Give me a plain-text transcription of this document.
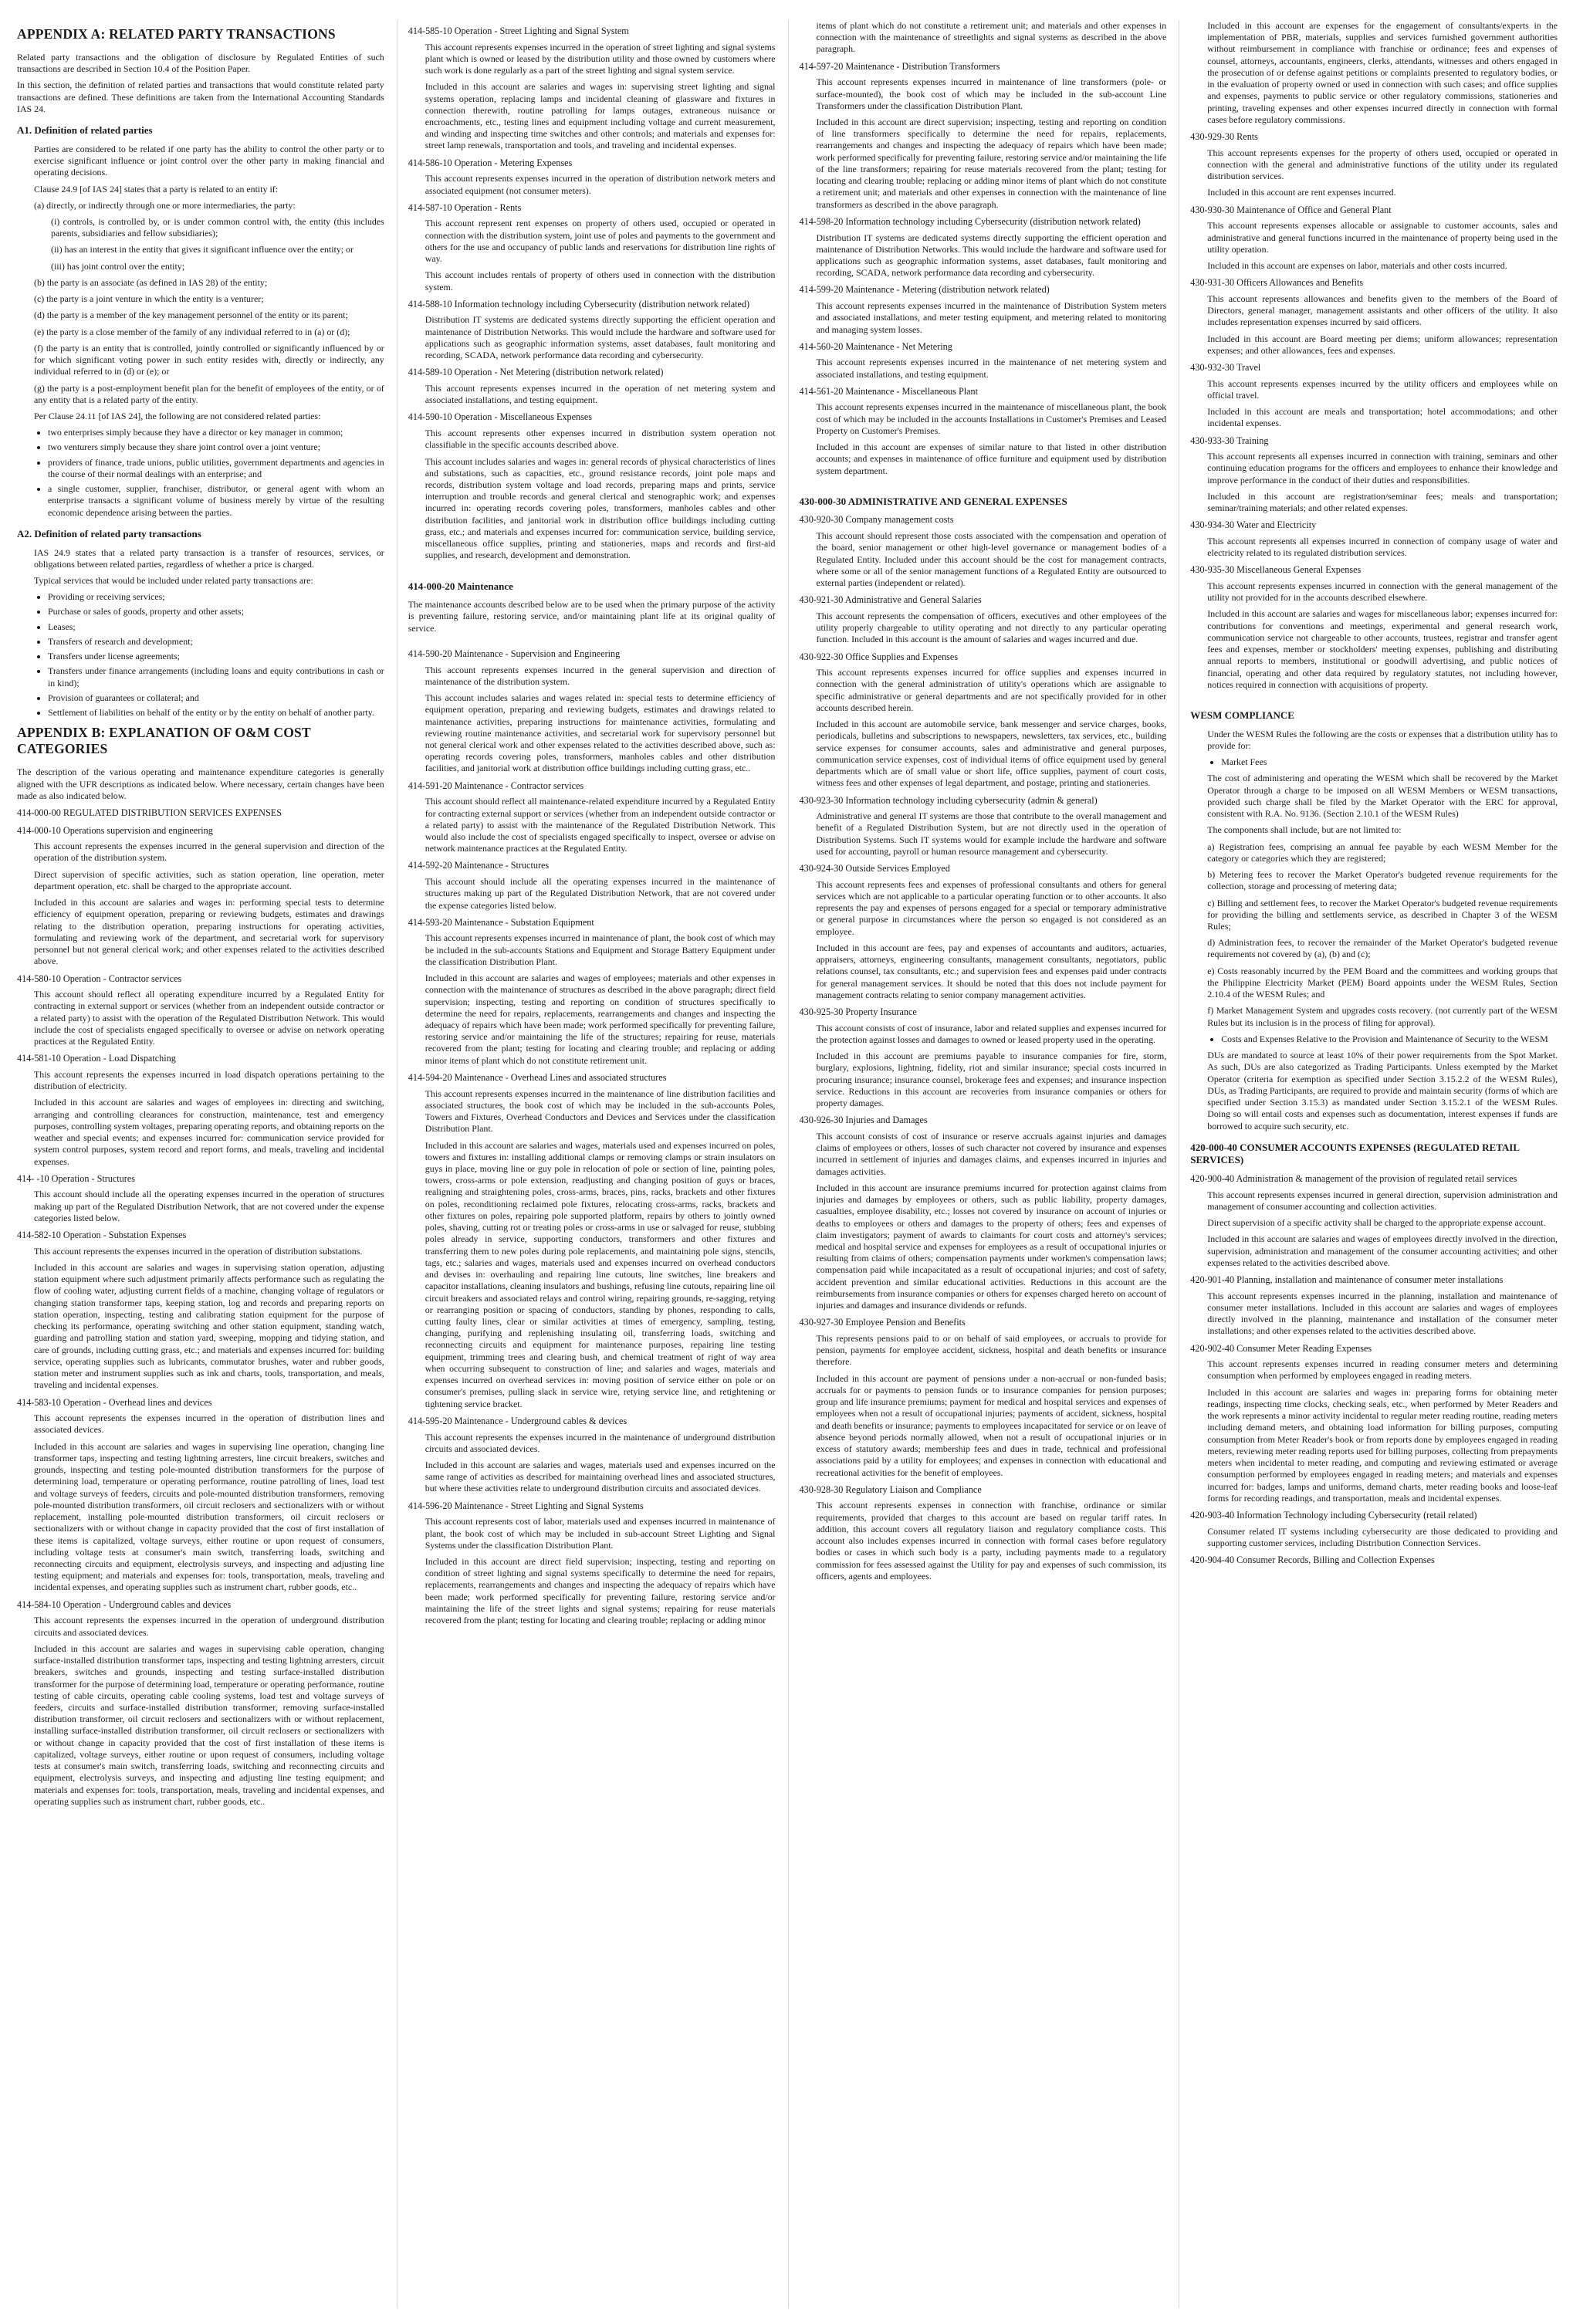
APPENDIX A: RELATED PARTY TRANSACTIONS

Related party transactions and the obligation of disclosure by Regulated Entities of such transactions are described in Section 10.4 of the Position Paper.

In this section, the definition of related parties and transactions that would constitute related party transactions are defined. These definitions are taken from the International Accounting Standards IAS 24.

A1. Definition of related parties

Parties are considered to be related if one party has the ability to control the other party or to exercise significant influence or joint control over the other party in making financial and operating decisions.

Clause 24.9 [of IAS 24] states that a party is related to an entity if:

(a) directly, or indirectly through one or more intermediaries, the party:

(i) controls, is controlled by, or is under common control with, the entity (this includes parents, subsidiaries and fellow subsidiaries);

(ii) has an interest in the entity that gives it significant influence over the entity; or

(iii) has joint control over the entity;

(b) the party is an associate (as defined in IAS 28) of the entity;

(c) the party is a joint venture in which the entity is a venturer;

(d) the party is a member of the key management personnel of the entity or its parent;

(e) the party is a close member of the family of any individual referred to in (a) or (d);

(f) the party is an entity that is controlled, jointly controlled or significantly influenced by or for which significant voting power in such entity resides with, directly or indirectly, any individual referred to in (d) or (e); or

(g) the party is a post-employment benefit plan for the benefit of employees of the entity, or of any entity that is a related party of the entity.

Per Clause 24.11 [of IAS 24], the following are not considered related parties:

• two enterprises simply because they have a director or key manager in common;
• two venturers simply because they share joint control over a joint venture;
• providers of finance, trade unions, public utilities, government departments and agencies in the course of their normal dealings with an enterprise; and
• a single customer, supplier, franchiser, distributor, or general agent with whom an enterprise transacts a significant volume of business merely by virtue of the resulting economic dependence arising between the parties.
A2. Definition of related party transactions

IAS 24.9 states that a related party transaction is a transfer of resources, services, or obligations between related parties, regardless of whether a price is charged.

Typical services that would be included under related party transactions are:

• Providing or receiving services;
• Purchase or sales of goods, property and other assets;
• Leases;
• Transfers of research and development;
• Transfers under license agreements;
• Transfers under finance arrangements (including loans and equity contributions in cash or in kind);
• Provision of guarantees or collateral; and
• Settlement of liabilities on behalf of the entity or by the entity on behalf of another party.
APPENDIX B: EXPLANATION OF O&M COST CATEGORIES

The description of the various operating and maintenance expenditure categories is generally aligned with the UFR descriptions as indicated below. Where necessary, certain changes have been made as also indicated below.

414-000-00 REGULATED DISTRIBUTION SERVICES EXPENSES
414-000-10 Operations supervision and engineering

This account represents the expenses incurred in the general supervision and direction of the operation of the distribution system.

Direct supervision of specific activities, such as station operation, line operation, meter department operation, etc. shall be charged to the appropriate account.

Included in this account are salaries and wages in: performing special tests to determine efficiency of equipment operation, preparing or reviewing budgets, estimates and drawings relating to the distribution operation, preparing instructions for operating activities, formulating and reviewing work of the department, and secretarial work for supervisory personnel but not general clerical work; and other expenses related to the activities described above.

414-580-10 Operation - Contractor services

This account should reflect all operating expenditure incurred by a Regulated Entity for contracting in external support or services (whether from an independent outside contractor or a related party) to assist with the operation of the Regulated Distribution Network. This would include the cost of specialists engaged specifically to oversee or advise on network operating practices at the Regulated Entity.

414-581-10 Operation - Load Dispatching

This account represents the expenses incurred in load dispatch operations pertaining to the distribution of electricity.

Included in this account are salaries and wages of employees in: directing and switching, arranging and controlling clearances for construction, maintenance, test and emergency purposes, controlling system voltages, preparing operating reports, and obtaining reports on the weather and special events; and expenses incurred for: communication service provided for system control purposes, system record and report forms, and meals, traveling and incidental expenses.

414- -10 Operation - Structures

This account should include all the operating expenses incurred in the operation of structures making up part of the Regulated Distribution Network, that are not covered under the expense categories listed below.

414-582-10 Operation - Substation Expenses

This account represents the expenses incurred in the operation of distribution substations.

Included in this account are salaries and wages in supervising station operation, adjusting station equipment where such adjustment primarily affects performance such as regulating the flow of cooling water, adjusting current fields of a machine, changing voltage of regulators or changing station transformer taps, keeping station, log and records and preparing reports on station operation, inspecting, testing and calibrating station equipment for the purpose of checking its performance, operating switching and other station equipment, standing watch, guarding and patrolling station and station yard, sweeping, mopping and tidying station, and care of grounds, including cutting grass, etc.; and materials and expenses incurred for: building service, operating supplies such as lubricants, commutator brushes, water and rubber goods, station meter and instrument supplies such as ink and charts, tools, transportation, and meals, traveling and incidental expenses.

414-583-10 Operation - Overhead lines and devices

This account represents the expenses incurred in the operation of distribution lines and associated devices.

Included in this account are salaries and wages in supervising line operation, changing line transformer taps, inspecting and testing lightning arresters, line circuit breakers, switches and grounds, inspecting and testing pole-mounted distribution transformers for the purpose of determining load, temperature or operating performance, routine patrolling of lines, load test and voltage surveys of feeders, circuits and pole-mounted distribution transformers, removing pole-mounted distribution transformers, oil circuit reclosers and sectionalizers with or without replacement, installing pole-mounted distribution transformers, oil circuit reclosers or sectionalizers with or without change in capacity provided that the cost of first installation of these items is capitalized, voltage surveys, either routine or upon request of consumers, including voltage tests at consumer's main switch, transferring loads, switching and reconnecting circuits and equipment, electrolysis surveys, and inspecting and adjusting line testing equipment; and materials and expenses for: tools, transportation, meals, traveling and incidental expenses, and operating supplies such as instrument chart, rubber goods, etc..

414-584-10 Operation - Underground cables and devices

This account represents the expenses incurred in the operation of underground distribution circuits and associated devices.

Included in this account are salaries and wages in supervising cable operation, changing surface-installed distribution transformer taps, inspecting and testing lightning arresters, circuit breakers, switches and grounds, inspecting and testing surface-installed distribution transformer for the purpose of determining load, temperature or operating performance, routine testing of cable circuits, operating cable cooling systems, load test and voltage surveys of feeders, circuits and surface-installed distribution transformer, removing surface-installed distribution transformer, oil circuit reclosers and sectionalizers with or without replacement, installing surface-installed distribution transformer, oil circuit reclosers or sectionalizers with or without change in capacity provided that the cost of first installation of these items is capitalized, voltage surveys, either routine or upon request of consumers, including voltage tests at consumer's main switch, transferring loads, switching and reconnecting circuits and equipment, electrolysis surveys, and inspecting and adjusting line testing equipment; and materials and expenses for: tools, transportation, meals, traveling and incidental expenses, and operating supplies such as instrument chart, rubber goods, etc..

414-585-10 Operation - Street Lighting and Signal System

This account represents expenses incurred in the operation of street lighting and signal systems plant which is owned or leased by the distribution utility and those owned by customers where such work is done regularly as a part of the street lighting and signal system service.

Included in this account are salaries and wages in: supervising street lighting and signal systems operation, replacing lamps and incidental cleaning of glassware and fixtures in connection therewith, routine patrolling for lamps outages, extraneous nuisance or encroachments, etc., testing lines and equipment including voltage and current measurement, and winding and inspecting time switches and other controls; and materials and expenses for: street lamp renewals, transportation and tools, and traveling and incidental expenses.

414-586-10 Operation - Metering Expenses

This account represents expenses incurred in the operation of distribution network meters and associated equipment (not consumer meters).

414-587-10 Operation - Rents

This account represent rent expenses on property of others used, occupied or operated in connection with the distribution system, joint use of poles and payments to the government and others for the use and occupancy of public lands and reservations for distribution line rights of way.

This account includes rentals of property of others used in connection with the distribution system.

414-588-10 Information technology including Cybersecurity (distribution network related)

Distribution IT systems are dedicated systems directly supporting the efficient operation and maintenance of Distribution Networks. This would include the hardware and software used for applications such as geographic information systems, asset databases, fault monitoring and recording, SCADA, network performance data recording and cybersecurity.

414-589-10 Operation - Net Metering (distribution network related)

This account represents expenses incurred in the operation of net metering system and associated installations, and testing equipment.

414-590-10 Operation - Miscellaneous Expenses

This account represents other expenses incurred in distribution system operation not classifiable in the specific accounts described above.

This account includes salaries and wages in: general records of physical characteristics of lines and substations, such as capacities, etc., ground resistance records, joint pole maps and records, distribution system voltage and load records, preparing maps and prints, service interruption and trouble records and general clerical and stenographic work; and expenses incurred in: operating records covering poles, transformers, manholes cables and other distribution facilities, and janitorial work in distribution office buildings including cutting grass, etc.; and materials and expenses incurred for: communication service, building service, miscellaneous office supplies, printing and stationeries, maps and records and first-aid supplies, and research, development and demonstration.

414-000-20 Maintenance

The maintenance accounts described below are to be used when the primary purpose of the activity is preventing failure, restoring service, and/or maintaining plant life at its original quality of service.

414-590-20 Maintenance - Supervision and Engineering

This account represents expenses incurred in the general supervision and direction of maintenance of the distribution system.

This account includes salaries and wages related in: special tests to determine efficiency of equipment operation, preparing and reviewing budgets, estimates and drawings related to maintenance activities, preparing instructions for maintenance activities, formulating and reviewing routine maintenance activities, and secretarial work for supervisory personnel but not general clerical work and other expenses related to the activities described above, such as: operating records covering poles, transformers, manholes cables and other distribution facilities, and janitorial work at distribution office buildings including cutting grass, etc..

414-591-20 Maintenance - Contractor services

This account should reflect all maintenance-related expenditure incurred by a Regulated Entity for contracting external support or services (whether from an independent outside contractor or a related party) to assist with the maintenance of the Regulated Distribution Network. This would also include the cost of specialists engaged specifically to inspect, oversee or advise on network maintenance practices at the Regulated Entity.

414-592-20 Maintenance - Structures

This account should include all the operating expenses incurred in the maintenance of structures making up part of the Regulated Distribution Network, that are not covered under the expense categories listed below.

414-593-20 Maintenance - Substation Equipment

This account represents expenses incurred in maintenance of plant, the book cost of which may be included in the sub-accounts Stations and Equipment and Storage Battery Equipment under the classification Distribution Plant.

Included in this account are salaries and wages of employees; materials and other expenses in connection with the maintenance of structures as described in the above paragraph; direct field supervision; inspecting, testing and reporting on condition of structures specifically to determine the need for repairs, replacements, rearrangements and changes and inspecting the adequacy of repairs which have been made; work performed specifically for preventing failure, restoring service and/or maintaining the life of the structures; repairing for reuse, materials recovered from the plant; testing for locating and clearing trouble; and replacing or adding minor items of plant which do not constitute retirement unit.

414-594-20 Maintenance - Overhead Lines and associated structures

This account represents expenses incurred in the maintenance of line distribution facilities and associated structures, the book cost of which may be included in the sub-accounts Poles, Towers and Fixtures, Overhead Conductors and Devices and Services under the classification Distribution Plant.

Included in this account are salaries and wages, materials used and expenses incurred on poles, towers and fixtures in: installing additional clamps or removing clamps or strain insulators on guys in place, moving line or guy pole in relocation of pole or section of line, painting poles, towers, cross-arms or pole extension, readjusting and changing position of guys or braces, realigning and straightening poles, cross-arms, braces, pins, racks, brackets and other fixtures on poles, reconditioning reclaimed pole fixtures, relocating cross-arms, racks, brackets and other fixtures on poles, repairing pole supported platform, repairs by others to jointly owned poles, shaving, cutting rot or treating poles or cross-arms in use or salvaged for reuse, stubbing poles already in service, supporting conductors, transformers and other fixtures and transferring them to new poles during pole replacements, and maintaining pole signs, stencils, tags, etc.; salaries and wages, materials used and expenses incurred on overhead conductors and devises in: overhauling and repairing line cutouts, line switches, line breakers and capacitor installations, cleaning insulators and bushings, refusing line cutouts, repairing line oil circuit breakers and associated relays and control wiring, repairing grounds, re-sagging, retying or rearranging position or spacing of conductors, standing by phones, responding to calls, cutting faulty lines, clear or similar activities at times of emergency, sampling, testing, changing, purifying and replenishing insulating oil, transferring loads, switching and reconnecting circuits and equipment for maintenance purposes, repairing line testing equipment, trimming trees and clearing bush, and chemical treatment of right of way area when occurring subsequent to construction of line; and salaries and wages, materials and expenses incurred on overhead services in: moving position of service either on pole or on consumer's premises, pulling slack in service wire, retying service line, and retightening or tightening service bracket.

414-595-20 Maintenance - Underground cables & devices

This account represents the expenses incurred in the maintenance of underground distribution circuits and associated devices.

Included in this account are salaries and wages, materials used and expenses incurred on the same range of activities as described for maintaining overhead lines and associated structures, but where these activities relate to underground distribution circuits and associated devices.

414-596-20 Maintenance - Street Lighting and Signal Systems

This account represents cost of labor, materials used and expenses incurred in maintenance of plant, the book cost of which may be included in sub-account Street Lighting and Signal Systems under the classification Distribution Plant.

Included in this account are direct field supervision; inspecting, testing and reporting on condition of street lighting and signal systems specifically to determine the need for repairs, replacements, rearrangements and changes and inspecting the adequacy of repairs which have been made; work performed specifically for preventing failure, restoring service and/or maintaining the life of the street lights and signal systems; repairing for reuse materials recovered from the plant; testing for locating and clearing trouble; replacing or adding minor

items of plant which do not constitute a retirement unit; and materials and other expenses in connection with the maintenance of streetlights and signal systems as described in the above paragraph.

414-597-20 Maintenance - Distribution Transformers

This account represents expenses incurred in maintenance of line transformers (pole- or surface-mounted), the book cost of which may be included in the sub-account Line Transformers under the classification Distribution Plant.

Included in this account are direct supervision; inspecting, testing and reporting on condition of line transformers specifically to determine the need for repairs, replacements, rearrangements and changes and inspecting the adequacy of repairs which have been made; work performed specifically for preventing failure, restoring service and/or maintaining the life of the line transformers; repairing for reuse materials recovered from the plant; testing for locating and clearing trouble; replacing or adding minor items of plant which do not constitute a retirement unit; and materials and other expenses in connection with the maintenance of line transformers as described in the above paragraph.

414-598-20 Information technology including Cybersecurity (distribution network related)

Distribution IT systems are dedicated systems directly supporting the efficient operation and maintenance of Distribution Networks. This would include the hardware and software used for applications such as geographic information systems, asset databases, fault monitoring and recording, SCADA, network performance data recording and cybersecurity.

414-599-20 Maintenance - Metering (distribution network related)

This account represents expenses incurred in the maintenance of Distribution System meters and associated installations, and meter testing equipment, and metering related to monitoring and managing system losses.

414-560-20 Maintenance - Net Metering

This account represents expenses incurred in the maintenance of net metering system and associated installations, and testing equipment.

414-561-20 Maintenance - Miscellaneous Plant

This account represents expenses incurred in the maintenance of miscellaneous plant, the book cost of which may be included in the accounts Installations in Customer's Premises and Leased Property on Customer's Premises.

Included in this account are expenses of similar nature to that listed in other distribution accounts; and expenses in maintenance of office furniture and equipment used by distribution system department.

430-000-30 ADMINISTRATIVE AND GENERAL EXPENSES
430-920-30 Company management costs

This account should represent those costs associated with the compensation and operation of the board, senior management or other high-level governance or management bodies of a Regulated Entity. Included under this account should be the cost for management contracts, where some or all of the senior management functions of a Regulated Entity are outsourced to external parties (independent or related).

430-921-30 Administrative and General Salaries

This account represents the compensation of officers, executives and other employees of the utility properly chargeable to utility operating and not directly to any particular operating function. Included in this account is the amount of salaries and wages incurred and due.

430-922-30 Office Supplies and Expenses

This account represents expenses incurred for office supplies and expenses incurred in connection with the general administration of utility's operations which are assignable to specific administrative or general departments and are not specifically provided for in other accounts described herein.

Included in this account are automobile service, bank messenger and service charges, books, periodicals, bulletins and subscriptions to newspapers, newsletters, tax services, etc., building service expenses for consumer accounts, sales and administrative and general purposes, communication service expenses, cost of individual items of office equipment used by general departments which are of small value or short life, office supplies, payment of court costs, witness fees and other expenses of legal department, and postage, printing and stationeries.

430-923-30 Information technology including cybersecurity (admin & general)

Administrative and general IT systems are those that contribute to the overall management and benefit of a Regulated Distribution System, but are not directly used in the operation of Distribution Systems. Such IT systems would for example include the hardware and software used for accounting, payroll or human resource management and cybersecurity.

430-924-30 Outside Services Employed

This account represents fees and expenses of professional consultants and others for general services which are not applicable to a particular operating function or to other accounts. It also represents the pay and expenses of persons engaged for a special or temporary administrative or general purpose in circumstances where the person so engaged is not considered as an employee.

Included in this account are fees, pay and expenses of accountants and auditors, actuaries, appraisers, attorneys, engineering consultants, management consultants, negotiators, public relations counsel, tax consultants, etc.; and supervision fees and expenses paid under contracts for general management services. It should be noted that this does not include payment for management contracts relating to senior company management activities.

430-925-30 Property Insurance

This account consists of cost of insurance, labor and related supplies and expenses incurred for the protection against losses and damages to owned or leased property used in the operating.

Included in this account are premiums payable to insurance companies for fire, storm, burglary, explosions, lightning, fidelity, riot and similar insurance; special costs incurred in procuring insurance; insurance counsel, brokerage fees and expenses; and insurance inspection service. Reductions in this account are recoveries from insurance companies or others for property damages.

430-926-30 Injuries and Damages

This account consists of cost of insurance or reserve accruals against injuries and damages claims of employees or others, losses of such character not covered by insurance and expenses incurred in settlement of injuries and damages claims, and expenses incurred in injuries and damages activities.

Included in this account are insurance premiums incurred for protection against claims from injuries and damages by employees or others, such as public liability, property damages, casualties, employee disability, etc.; losses not covered by insurance on account of injuries or deaths to employees or others and damages to the property of others; fees and expenses of claim investigators; payment of awards to claimants for court costs and attorney's services; medical and hospital service and expenses for employees as a result of occupational injuries or resulting from claims of others; compensation payments under workmen's compensation laws; compensation paid while incapacitated as a result of occupational injuries; and cost of safety, accident prevention and similar educational activities. Reductions in this account are the reimbursements from insurance companies or others for expenses charged hereto on account of injuries and damages and insurance dividends or refunds.

430-927-30 Employee Pension and Benefits

This represents pensions paid to or on behalf of said employees, or accruals to provide for pension, payments for employee accident, sickness, hospital and death benefits or insurance therefore.

Included in this account are payment of pensions under a non-accrual or non-funded basis; accruals for or payments to pension funds or to insurance companies for pension purposes; group and life insurance premiums; payment for medical and hospital services and expenses of employees when not a result of occupational injuries; payments of accident, sickness, hospital and death benefits or insurance; payments to employees incapacitated for service or on leave of absence beyond periods normally allowed, when not a result of occupational injuries or in excess of statutory awards; membership fees and dues in trade, technical and professional associations paid by a utility for employees; and expenses in connection with educational and recreational activities for the benefit of employees.

430-928-30 Regulatory Liaison and Compliance

This account represents expenses in connection with franchise, ordinance or similar requirements, provided that charges to this account are based on regular tariff rates. In addition, this account covers all regulatory liaison and regulatory compliance costs. This account also includes expenses incurred in connection with formal cases before regulatory bodies or cases in which such body is a party, including payments made to a regulatory commission for fees assessed against the Utility for pay and expenses of such commission, its officers, agents and employees.

Included in this account are expenses for the engagement of consultants/experts in the implementation of PBR, materials, supplies and services furnished government authorities without reimbursement in compliance with franchise or ordinance; fees and expenses of counsel, attorneys, accountants, engineers, clerks, attendants, witnesses and others engaged in the prosecution of or defense against petitions or complaints presented to regulatory bodies, or in the evaluation of property owned or used in connection with such cases; and office supplies and expenses, payments to public service or other regulatory commissions, stationeries and printing, traveling expenses and other expenses incurred directly in connection with formal cases before regulatory commissions.

430-929-30 Rents

This account represents expenses for the property of others used, occupied or operated in connection with the general and administrative functions of the utility under its regulated distribution services.

Included in this account are rent expenses incurred.

430-930-30 Maintenance of Office and General Plant

This account represents expenses allocable or assignable to customer accounts, sales and administrative and general functions incurred in the maintenance of property being used in the utility operation.

Included in this account are expenses on labor, materials and other costs incurred.

430-931-30 Officers Allowances and Benefits

This account represents allowances and benefits given to the members of the Board of Directors, general manager, management assistants and other officers of the utility. It also includes representation expenses incurred by said officers.

Included in this account are Board meeting per diems; uniform allowances; representation expenses; and other allowances, fees and expenses.

430-932-30 Travel

This account represents expenses incurred by the utility officers and employees while on official travel.

Included in this account are meals and transportation; hotel accommodations; and other incidental expenses.

430-933-30 Training

This account represents all expenses incurred in connection with training, seminars and other continuing education programs for the officers and employees to enhance their knowledge and improve performance in the conduct of their duties and responsibilities.

Included in this account are registration/seminar fees; meals and transportation; seminar/training materials; and other related expenses.

430-934-30 Water and Electricity

This account represents all expenses incurred in connection of company usage of water and electricity related to its regulated distribution services.

430-935-30 Miscellaneous General Expenses

This account represents expenses incurred in connection with the general management of the utility not provided for in the accounts described elsewhere.

Included in this account are salaries and wages for miscellaneous labor; expenses incurred for: contributions for conventions and meetings, experimental and general research work, communication service not chargeable to other accounts, trustees, registrar and transfer agent fees and expenses, member or stockholders' meeting expenses, publishing and distributing annual reports to members, institutional or goodwill advertising, and public notices of financial, operating and other data required by regulatory statutes, not including however, notices required in connection with acquisitions of property.

WESM COMPLIANCE

Under the WESM Rules the following are the costs or expenses that a distribution utility has to provide for:

• Market Fees

The cost of administering and operating the WESM which shall be recovered by the Market Operator through a charge to be imposed on all WESM Members or WESM transactions, provided such charge shall be filed by the Market Operator with the ERC for approval, consistent with R.A. No. 9136. (Section 2.10.1 of the WESM Rules)

The components shall include, but are not limited to:

a) Registration fees, comprising an annual fee payable by each WESM Member for the category or categories which they are registered;

b) Metering fees to recover the Market Operator's budgeted revenue requirements for the collection, storage and processing of metering data;

c) Billing and settlement fees, to recover the Market Operator's budgeted revenue requirements for providing the billing and settlements service, as described in Chapter 3 of the WESM Rules;

d) Administration fees, to recover the remainder of the Market Operator's budgeted revenue requirements not covered by (a), (b) and (c);

e) Costs reasonably incurred by the PEM Board and the committees and working groups that the Philippine Electricity Market (PEM) Board appoints under the WESM Rules, Section 2.10.4 of the WESM Rules; and

f) Market Management System and upgrades costs recovery. (not currently part of the WESM Rules but its inclusion is in the process of filing for approval).

• Costs and Expenses Relative to the Provision and Maintenance of Security to the WESM

DUs are mandated to source at least 10% of their power requirements from the Spot Market. As such, DUs are also categorized as Trading Participants. Unless exempted by the Market Operator (criteria for exemption as specified under Section 3.15.2.2 of the WESM Rules), DUs, as Trading Participants, are required to provide and maintain security (forms of which are specified under Section 3.15.3) as mandated under Section 3.15.2.1 of the WESM Rules. Doing so will entail costs and expenses such as documentation, interest expenses if funds are borrowed to acquire such security, etc.

420-000-40 CONSUMER ACCOUNTS EXPENSES (REGULATED RETAIL SERVICES)
420-900-40 Administration & management of the provision of regulated retail services

This account represents expenses incurred in general direction, supervision administration and management of consumer accounting and collection activities.

Direct supervision of a specific activity shall be charged to the appropriate expense account.

Included in this account are salaries and wages of employees directly involved in the direction, supervision, administration and management of the consumer accounting activities; and other expenses related to the activities described above.

420-901-40 Planning, installation and maintenance of consumer meter installations

This account represents expenses incurred in the planning, installation and maintenance of consumer meter installations. Included in this account are salaries and wages of employees directly involved in the planning, maintenance and installation of the consumer meter installations; and other expenses related to the activities described above.

420-902-40 Consumer Meter Reading Expenses

This account represents expenses incurred in reading consumer meters and determining consumption when performed by employees engaged in reading meters.

Included in this account are salaries and wages in: preparing forms for obtaining meter readings, inspecting time clocks, checking seals, etc., when performed by Meter Readers and the work represents a minor activity incidental to regular meter reading routine, reading meters including demand meters, and obtaining load information for billing purposes, computing consumption from Meter Reader's book or from reports done by employees engaged in reading meters, reviewing meter reading reports used for billing purposes, collecting from prepayments meters when incidental to meter reading, and computing and reviewing estimated or average consumption performed by employees engaged in reading meters; and materials and expenses incurred for: badges, lamps and uniforms, demand charts, meter reading books and loose-leaf forms for recording readings, and transportation, meals and incidental expenses.

420-903-40 Information Technology including Cybersecurity (retail related)

Consumer related IT systems including cybersecurity are those dedicated to providing and supporting customer services, including Distribution Connection Services.

420-904-40 Consumer Records, Billing and Collection Expenses
